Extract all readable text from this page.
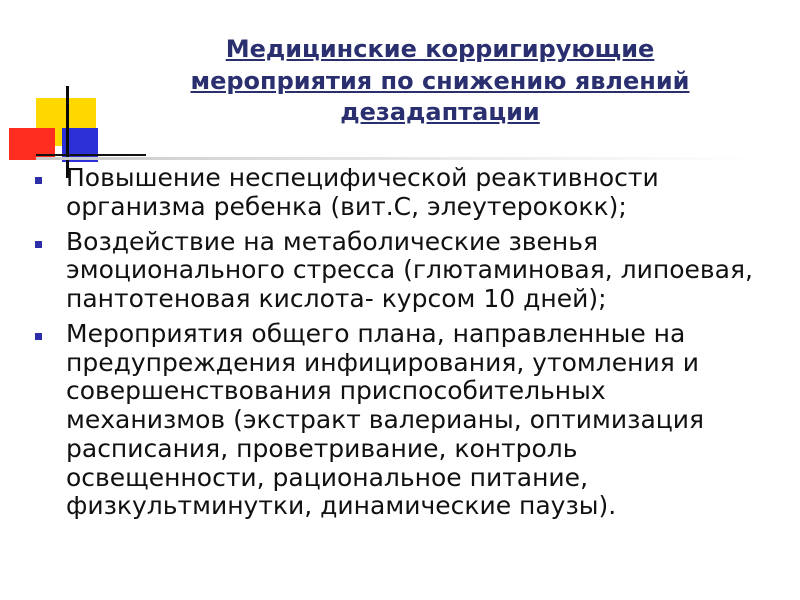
Медицинские корригирующие
мероприятия по снижению явлений
дезадаптации
Повышение неспецифической реактивности организма ребенка (вит.С, элеутерококк);
Воздействие на метаболические звенья эмоционального стресса (глютаминовая, липоевая, пантотеновая кислота- курсом 10 дней);
Мероприятия общего плана, направленные на предупреждения инфицирования, утомления и совершенствования приспособительных механизмов (экстракт валерианы, оптимизация расписания, проветривание, контроль освещенности, рациональное питание, физкультминутки, динамические паузы).
